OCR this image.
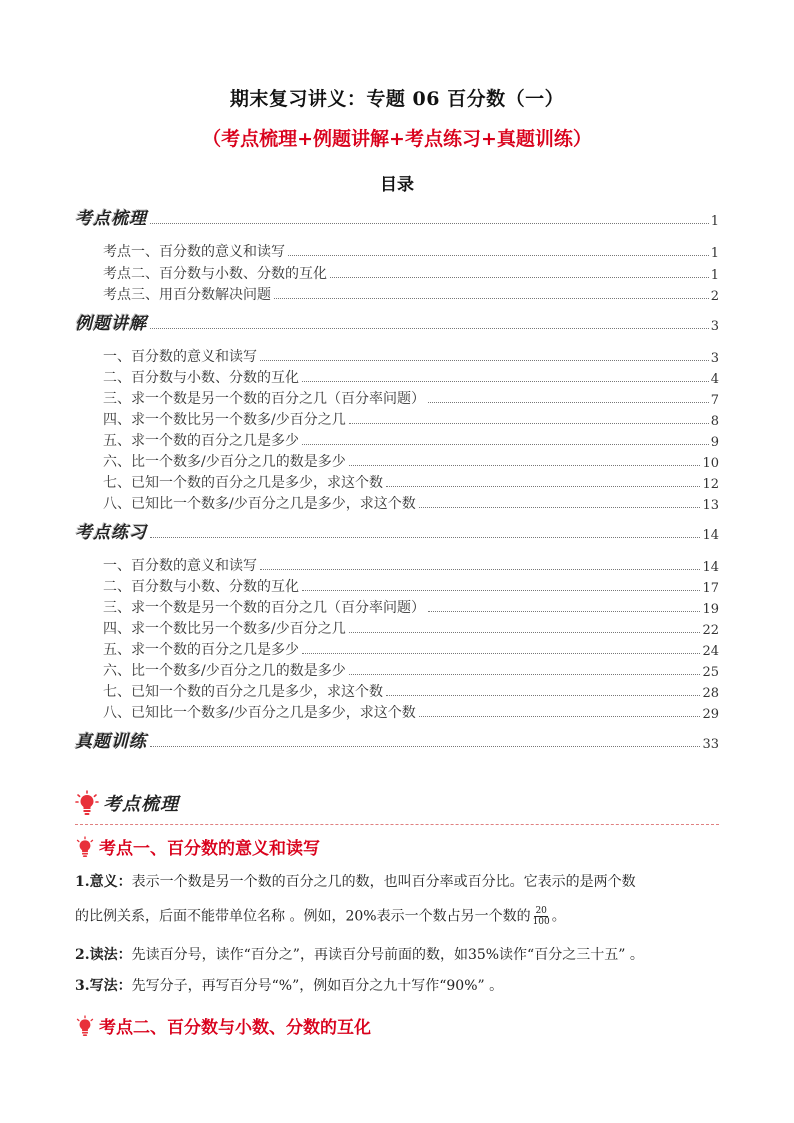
期末复习讲义：专题 06 百分数（一）
（考点梳理+例题讲解+考点练习+真题训练）
目录
考点梳理	1
考点一、百分数的意义和读写	1
考点二、百分数与小数、分数的互化	1
考点三、用百分数解决问题	2
例题讲解	3
一、百分数的意义和读写	3
二、百分数与小数、分数的互化	4
三、求一个数是另一个数的百分之几（百分率问题）	7
四、求一个数比另一个数多/少百分之几	8
五、求一个数的百分之几是多少	9
六、比一个数多/少百分之几的数是多少	10
七、已知一个数的百分之几是多少，求这个数	12
八、已知比一个数多/少百分之几是多少，求这个数	13
考点练习	14
一、百分数的意义和读写	14
二、百分数与小数、分数的互化	17
三、求一个数是另一个数的百分之几（百分率问题）	19
四、求一个数比另一个数多/少百分之几	22
五、求一个数的百分之几是多少	24
六、比一个数多/少百分之几的数是多少	25
七、已知一个数的百分之几是多少，求这个数	28
八、已知比一个数多/少百分之几是多少，求这个数	29
真题训练	33
考点梳理
考点一、百分数的意义和读写
1.意义：表示一个数是另一个数的百分之几的数，也叫百分率或百分比。它表示的是两个数
的比例关系，后面不能带单位名称 。例如，20%表示一个数占另一个数的 $\frac{20}{100}$ 。
2.读法：先读百分号，读作“百分之”，再读百分号前面的数，如35%读作“百分之三十五” 。
3.写法：先写分子，再写百分号“%”，例如百分之九十写作“90%” 。
考点二、百分数与小数、分数的互化
